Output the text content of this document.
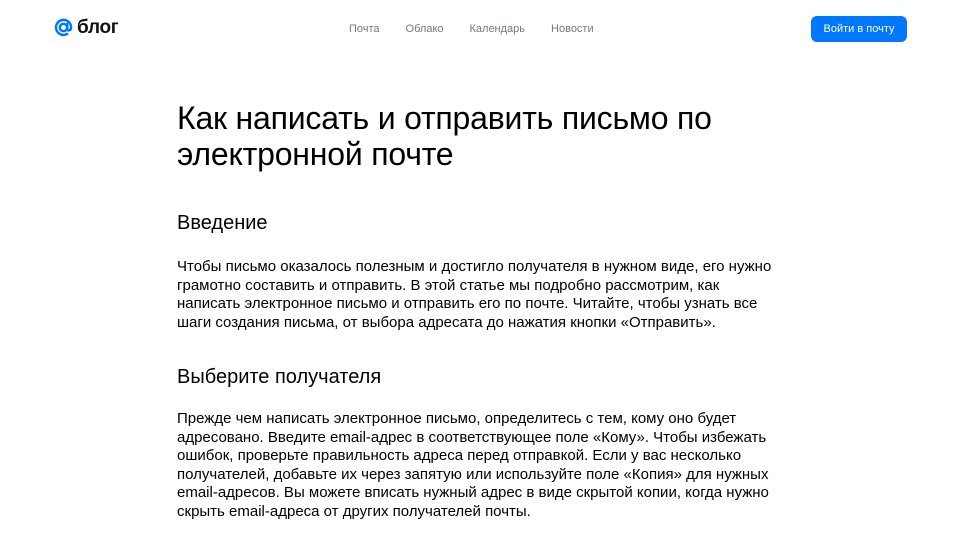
блог	Почта Облако Календарь Новости	Войти в почту
Как написать и отправить письмо по электронной почте
Введение

Чтобы письмо оказалось полезным и достигло получателя в нужном виде, его нужно грамотно составить и отправить. В этой статье мы подробно рассмотрим, как написать электронное письмо и отправить его по почте. Читайте, чтобы узнать все шаги создания письма, от выбора адресата до нажатия кнопки «Отправить».

Выберите получателя

Прежде чем написать электронное письмо, определитесь с тем, кому оно будет адресовано. Введите email-адрес в соответствующее поле «Кому». Чтобы избежать ошибок, проверьте правильность адреса перед отправкой. Если у вас несколько получателей, добавьте их через запятую или используйте поле «Копия» для нужных email-адресов. Вы можете вписать нужный адрес в виде скрытой копии, когда нужно скрыть email-адреса от других получателей почты.
